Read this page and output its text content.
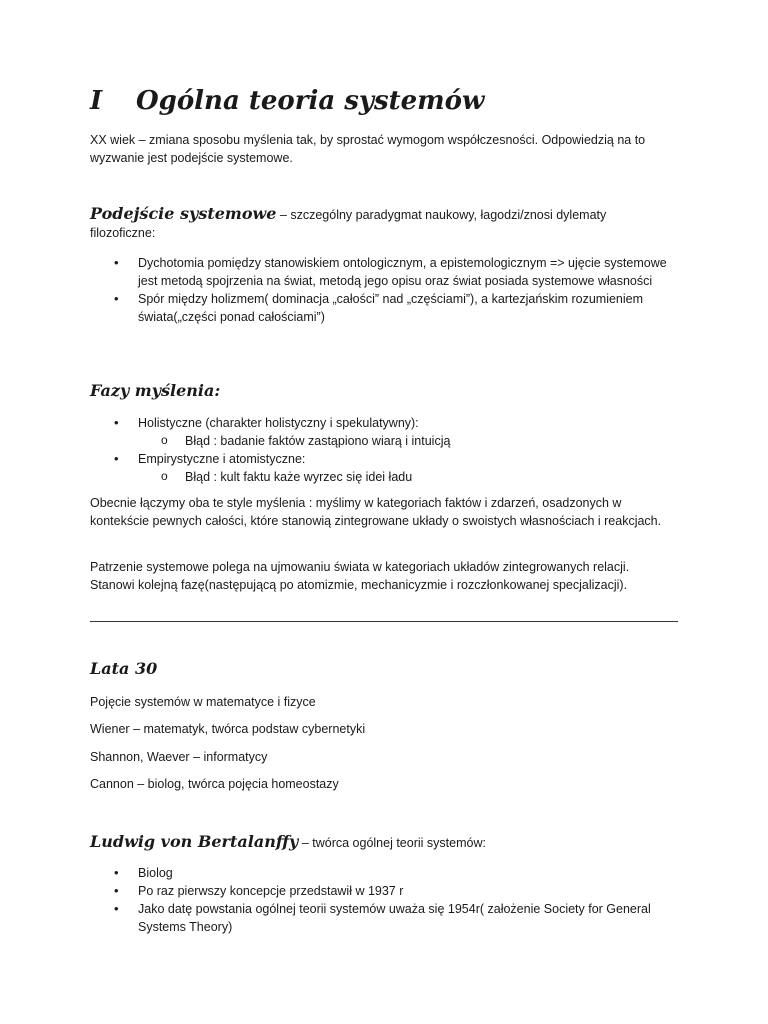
I Ogólna teoria systemów
XX wiek – zmiana sposobu myślenia tak, by sprostać wymogom współczesności. Odpowiedzią na to wyzwanie jest podejście systemowe.
Podejście systemowe – szczególny paradygmat naukowy, łagodzi/znosi dylematy filozoficzne:
• Dychotomia pomiędzy stanowiskiem ontologicznym, a epistemologicznym => ujęcie systemowe jest metodą spojrzenia na świat, metodą jego opisu oraz świat posiada systemowe własności
• Spór między holizmem( dominacja „całości” nad „częściami”), a kartezjańskim rozumieniem świata(„części ponad całościami”)
Fazy myślenia:
• Holistyczne (charakter holistyczny i spekulatywny):
o Błąd : badanie faktów zastąpiono wiarą i intuicją
• Empirystyczne i atomistyczne:
o Błąd : kult faktu każe wyrzec się idei ładu
Obecnie łączymy oba te style myślenia : myślimy w kategoriach faktów i zdarzeń, osadzonych w kontekście pewnych całości, które stanowią zintegrowane układy o swoistych własnościach i reakcjach.
Patrzenie systemowe polega na ujmowaniu świata w kategoriach układów zintegrowanych relacji. Stanowi kolejną fazę(następującą po atomizmie, mechanicyzmie i rozczłonkowanej specjalizacji).
Lata 30
Pojęcie systemów w matematyce i fizyce
Wiener – matematyk, twórca podstaw cybernetyki
Shannon, Waever – informatycy
Cannon – biolog, twórca pojęcia homeostazy
Ludwig von Bertalanffy – twórca ogólnej teorii systemów:
• Biolog
• Po raz pierwszy koncepcje przedstawił w 1937 r
• Jako datę powstania ogólnej teorii systemów uważa się 1954r( założenie Society for General Systems Theory)
